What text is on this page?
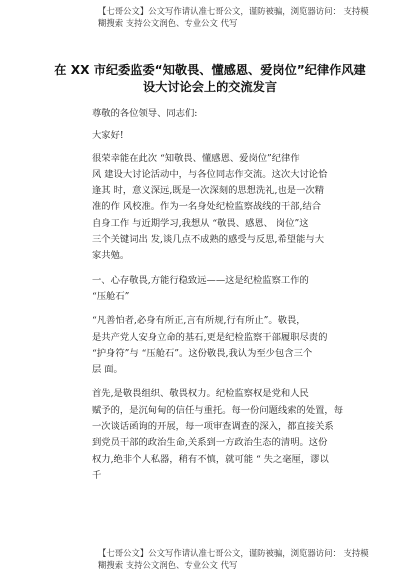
【七哥公文】公文写作请认准七哥公文，谨防被骗，浏览器访问： 支持模
糊搜索 支持公文润色、专业公文 代写
在 XX 市纪委监委“知敬畏、懂感恩、爱岗位”纪律作风建
设大讨论会上的交流发言
尊敬的各位领导、同志们:
大家好!
很荣幸能在此次 “知敬畏、懂感恩、爱岗位”纪律作
风 建设大讨论活动中，与各位同志作交流。这次大讨论恰
逢其 时，意义深远,既是一次深刻的思想洗礼,也是一次精
准的作 风校准。作为一名身处纪检监察战线的干部,结合
自身工作 与近期学习,我想从 “敬畏、感恩、 岗位”这
三个关键词出 发,谈几点不成熟的感受与反思,希望能与大
家共勉。
一、心存敬畏,方能行稳致远——这是纪检监察工作的
“压舱石”
“凡善怕者,必身有所正,言有所规,行有所止”。敬畏，
是共产党人安身立命的基石,更是纪检监察干部履职尽责的
“护身符”与 “压舱石”。这份敬畏,我认为至少包含三个
层 面。
首先,是敬畏组织、敬畏权力。纪检监察权是党和人民
赋予的，是沉甸甸的信任与重托。每一份问题线索的处置，每
一次谈话函询的开展，每一项审查调查的深入，都直接关系
到党员干部的政治生命,关系到一方政治生态的清明。这份
权力,绝非个人私器，稍有不慎，就可能 “ 失之毫厘，谬以
千
【七哥公文】公文写作请认准七哥公文，谨防被骗，浏览器访问： 支持模
糊搜索 支持公文润色、专业公文 代写
